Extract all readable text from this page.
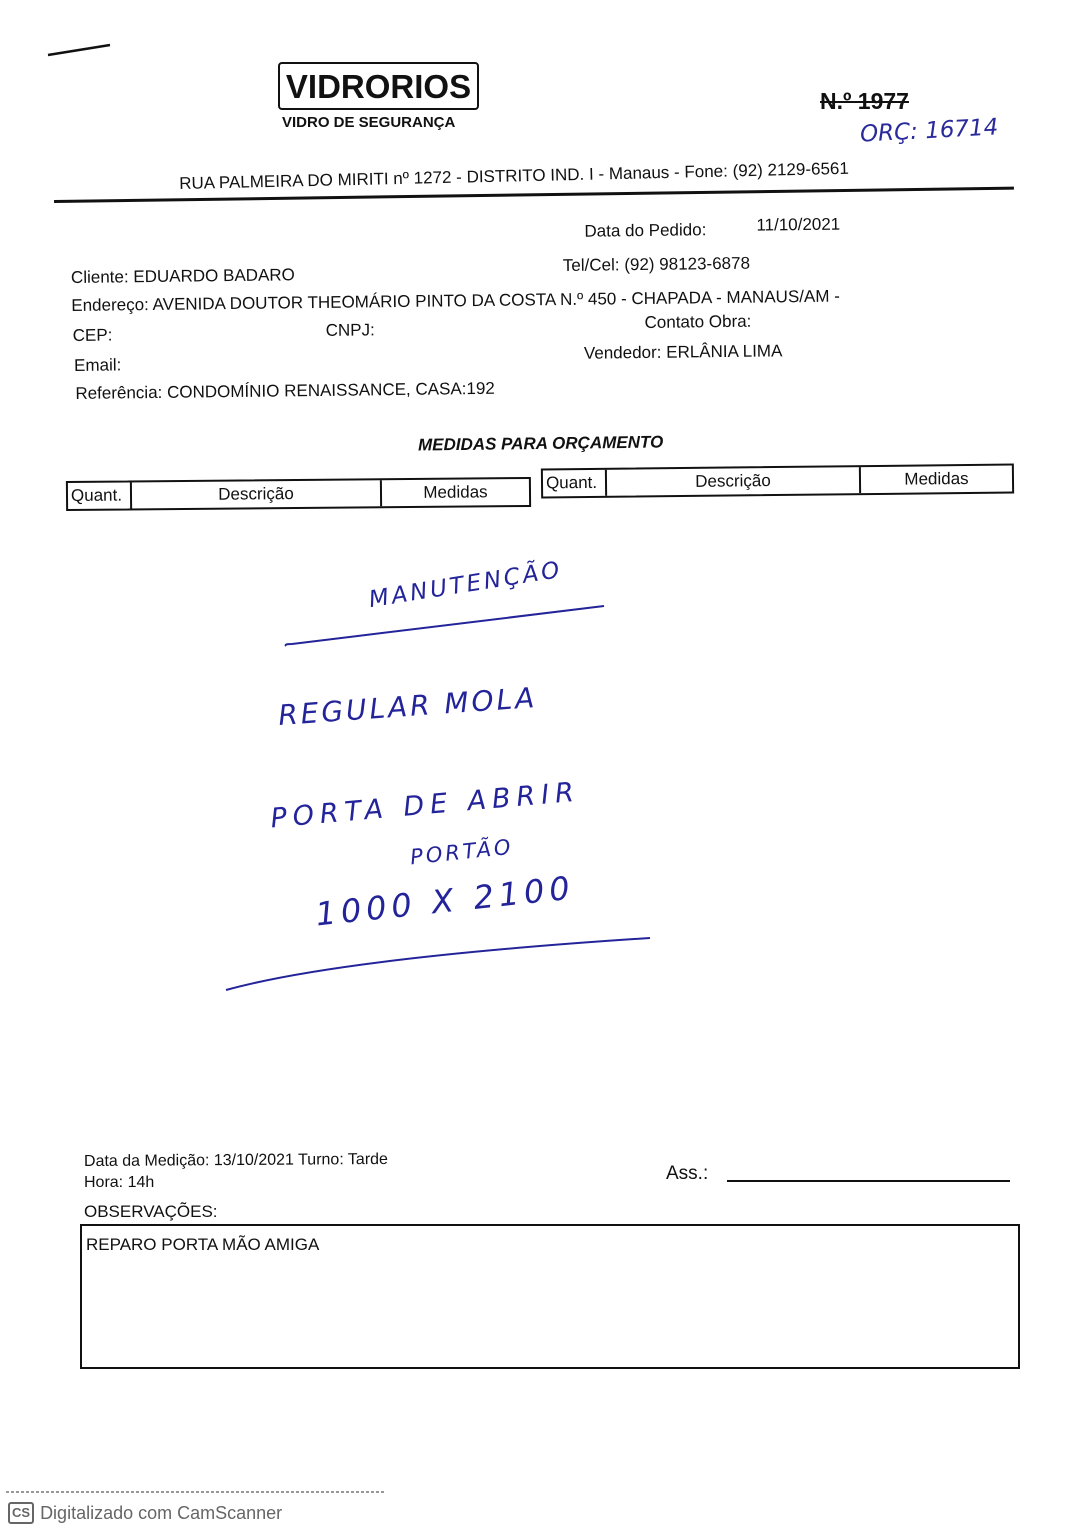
VIDRORIOS
VIDRO DE SEGURANÇA
N.º 1977
ORÇ: 16714
RUA PALMEIRA DO MIRITI nº 1272 - DISTRITO IND. I - Manaus - Fone: (92) 2129-6561
Data do Pedido:	11/10/2021
Cliente: EDUARDO BADARO
Tel/Cel: (92) 98123-6878
Endereço: AVENIDA DOUTOR THEOMÁRIO PINTO DA COSTA N.º 450 - CHAPADA - MANAUS/AM -
CEP:	CNPJ:	Contato Obra:
Email:
Vendedor: ERLÂNIA LIMA
Referência: CONDOMÍNIO RENAISSANCE, CASA:192
MEDIDAS PARA ORÇAMENTO
Quant.	Descrição	Medidas	Quant.	Descrição	Medidas
MANUTENÇÃO
REGULAR MOLA
PORTA DE ABRIR
PORTÃO
1000 X 2100
Data da Medição: 13/10/2021 Turno: Tarde
Hora: 14h	Ass.:
OBSERVAÇÕES:
REPARO PORTA MÃO AMIGA
CS Digitalizado com CamScanner
